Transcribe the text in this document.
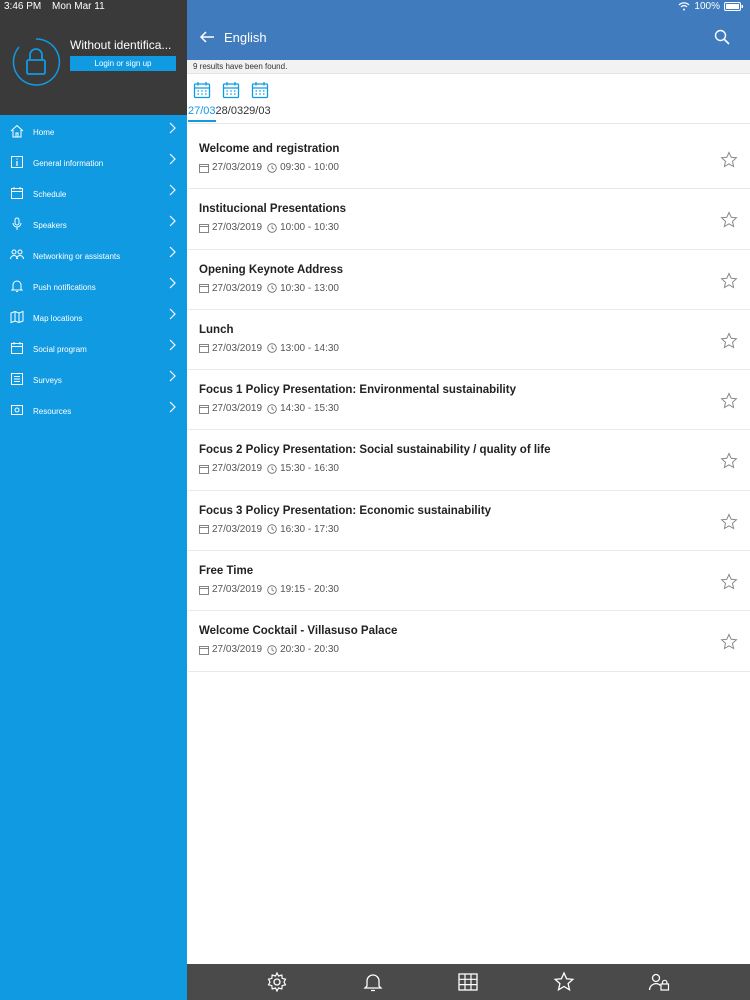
3:46 PM Mon Mar 11
Without identifica...
Login or sign up
Home
General information
Schedule
Speakers
Networking or assistants
Push notifications
Map locations
Social program
Surveys
Resources
100%
English
9 results have been found.
27/03 28/03 29/03
Welcome and registration
27/03/2019 09:30 - 10:00
Institucional Presentations
27/03/2019 10:00 - 10:30
Opening Keynote Address
27/03/2019 10:30 - 13:00
Lunch
27/03/2019 13:00 - 14:30
Focus 1 Policy Presentation: Environmental sustainability
27/03/2019 14:30 - 15:30
Focus 2 Policy Presentation: Social sustainability / quality of life
27/03/2019 15:30 - 16:30
Focus 3 Policy Presentation: Economic sustainability
27/03/2019 16:30 - 17:30
Free Time
27/03/2019 19:15 - 20:30
Welcome Cocktail - Villasuso Palace
27/03/2019 20:30 - 20:30
